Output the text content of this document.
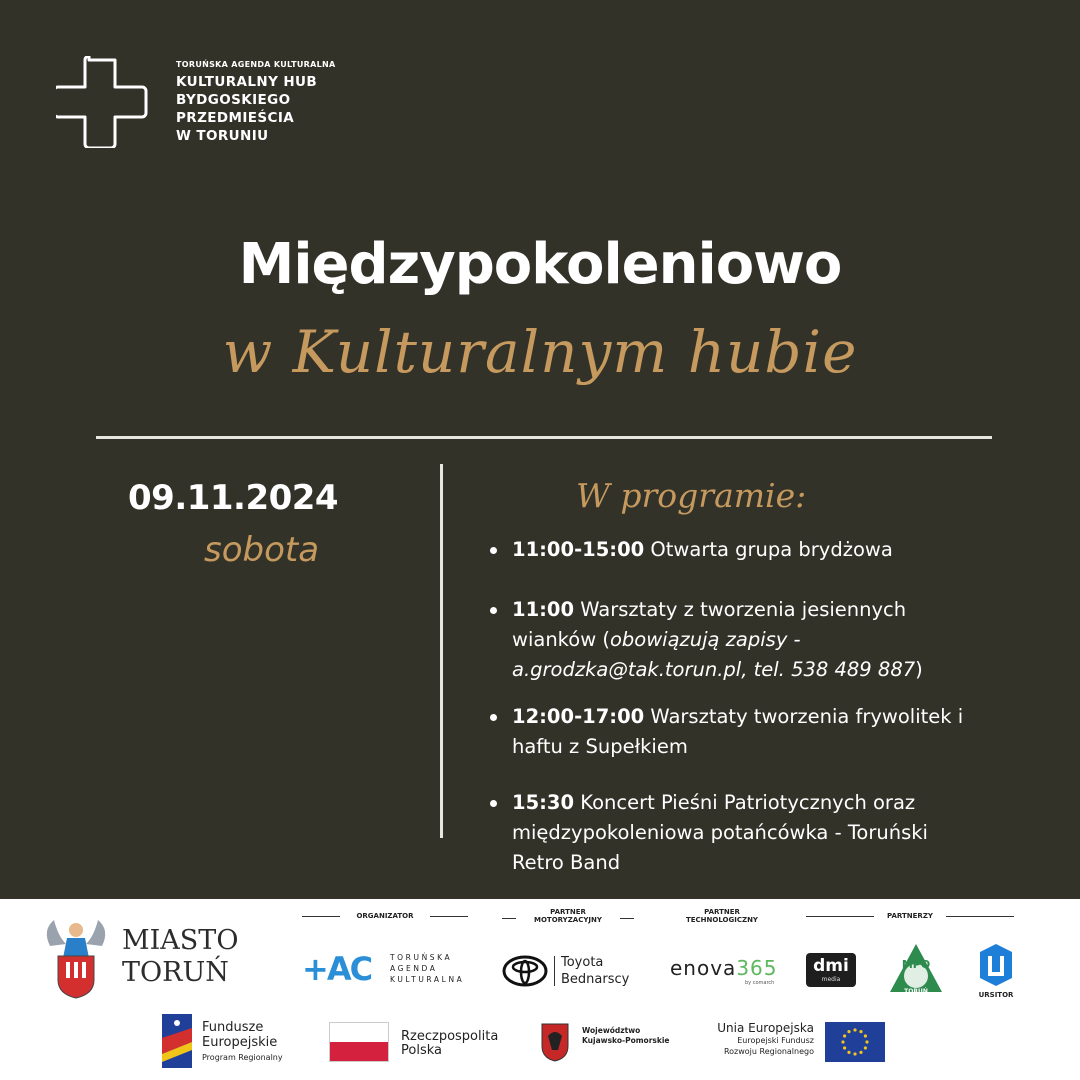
TORUŃSKA AGENDA KULTURALNA
KULTURALNY HUB
BYDGOSKIEGO
PRZEDMIEŚCIA
W TORUNIU
Międzypokoleniowo
w Kulturalnym hubie
09.11.2024
sobota
W programie:
11:00-15:00 Otwarta grupa brydżowa
11:00 Warsztaty z tworzenia jesiennych wianków (obowiązują zapisy - a.grodzka@tak.torun.pl, tel. 538 489 887)
12:00-17:00 Warsztaty tworzenia frywolitek i haftu z Supełkiem
15:30 Koncert Pieśni Patriotycznych oraz międzypokoleniowa potańcówka - Toruński Retro Band
MIASTO
TORUŃ
ORGANIZATOR	PARTNER
MOTORYZACYJNY
PARTNER
TECHNOLOGICZNY	PARTNERZY
+AC	TORUŃSKA
AGENDA
KULTURALNA
Toyota
Bednarscy enova365
by comarch
dmi
media
MPO
TORUŃ	URSITOR
Fundusze
Europejskie
Program Regionalny
Rzeczpospolita
Polska
Województwo
Kujawsko-Pomorskie
Unia Europejska
Europejski Fundusz
Rozwoju Regionalnego
